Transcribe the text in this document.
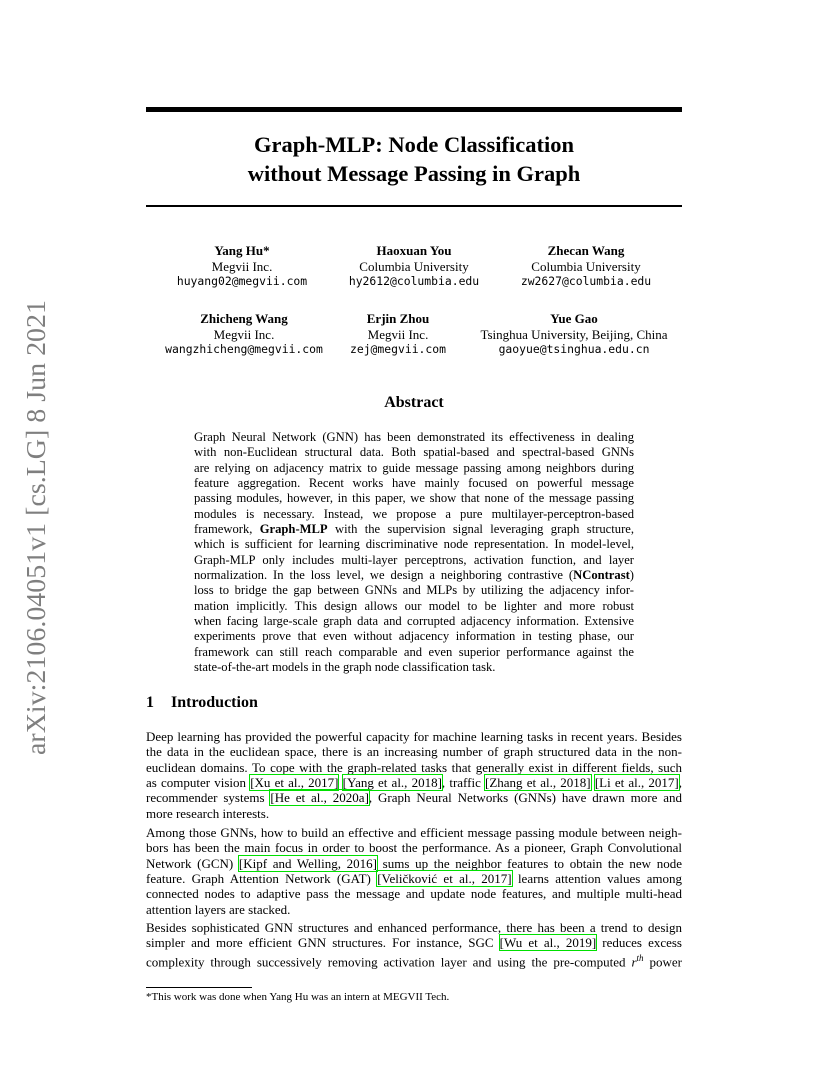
arXiv:2106.04051v1 [cs.LG] 8 Jun 2021
Graph-MLP: Node Classification
without Message Passing in Graph
Yang Hu*
Megvii Inc.
huyang02@megvii.com
Haoxuan You
Columbia University
hy2612@columbia.edu
Zhecan Wang
Columbia University
zw2627@columbia.edu
Zhicheng Wang
Megvii Inc.
wangzhicheng@megvii.com
Erjin Zhou
Megvii Inc.
zej@megvii.com
Yue Gao
Tsinghua University, Beijing, China
gaoyue@tsinghua.edu.cn
Abstract
Graph Neural Network (GNN) has been demonstrated its effectiveness in dealing
with non-Euclidean structural data. Both spatial-based and spectral-based GNNs
are relying on adjacency matrix to guide message passing among neighbors during
feature aggregation. Recent works have mainly focused on powerful message
passing modules, however, in this paper, we show that none of the message passing
modules is necessary. Instead, we propose a pure multilayer-perceptron-based
framework, Graph-MLP with the supervision signal leveraging graph structure,
which is sufficient for learning discriminative node representation. In model-level,
Graph-MLP only includes multi-layer perceptrons, activation function, and layer
normalization. In the loss level, we design a neighboring contrastive (NContrast)
loss to bridge the gap between GNNs and MLPs by utilizing the adjacency infor-
mation implicitly. This design allows our model to be lighter and more robust
when facing large-scale graph data and corrupted adjacency information. Extensive
experiments prove that even without adjacency information in testing phase, our
framework can still reach comparable and even superior performance against the
state-of-the-art models in the graph node classification task.
1 Introduction
Deep learning has provided the powerful capacity for machine learning tasks in recent years. Besides
the data in the euclidean space, there is an increasing number of graph structured data in the non-
euclidean domains. To cope with the graph-related tasks that generally exist in different fields, such
as computer vision [Xu et al., 2017] [Yang et al., 2018], traffic [Zhang et al., 2018] [Li et al., 2017],
recommender systems [He et al., 2020a], Graph Neural Networks (GNNs) have drawn more and
more research interests.
Among those GNNs, how to build an effective and efficient message passing module between neigh-
bors has been the main focus in order to boost the performance. As a pioneer, Graph Convolutional
Network (GCN) [Kipf and Welling, 2016] sums up the neighbor features to obtain the new node
feature. Graph Attention Network (GAT) [Veličković et al., 2017] learns attention values among
connected nodes to adaptive pass the message and update node features, and multiple multi-head
attention layers are stacked.
Besides sophisticated GNN structures and enhanced performance, there has been a trend to design
simpler and more efficient GNN structures. For instance, SGC [Wu et al., 2019] reduces excess
complexity through successively removing activation layer and using the pre-computed $r^{th}$ power
*This work was done when Yang Hu was an intern at MEGVII Tech.
